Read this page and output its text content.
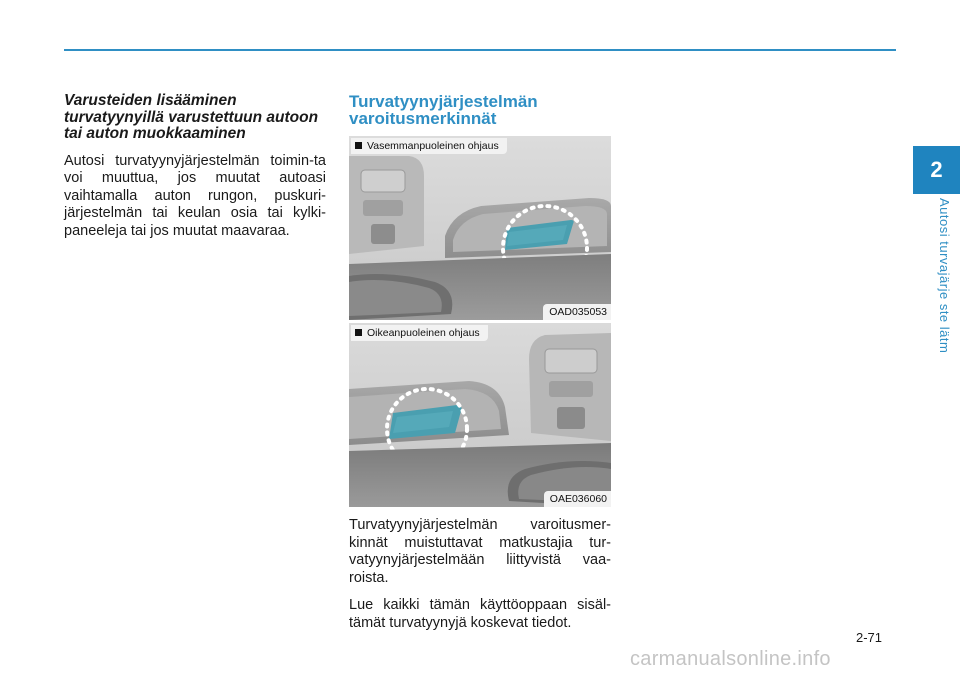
2
Autosi turvajärje ste lätm
Varusteiden lisääminen turvatyynyillä varustettuun autoon tai auton muokkaaminen

Autosi turvatyynyjärjestelmän toimin-ta voi muuttua, jos muutat autoasi vaihtamalla auton rungon, puskuri-järjestelmän tai keulan osia tai kylki-paneeleja tai jos muutat maavaraa.

Turvatyynyjärjestelmän varoitusmerkinnät
Vasemmanpuoleinen ohjaus
OAD035053
Oikeanpuoleinen ohjaus
OAE036060

Turvatyynyjärjestelmän varoitusmer-kinnät muistuttavat matkustajia tur-vatyynyjärjestelmään liittyvistä vaa-roista.

Lue kaikki tämän käyttöoppaan sisäl-tämät turvatyynyjä koskevat tiedot.

2-71
carmanualsonline.info
